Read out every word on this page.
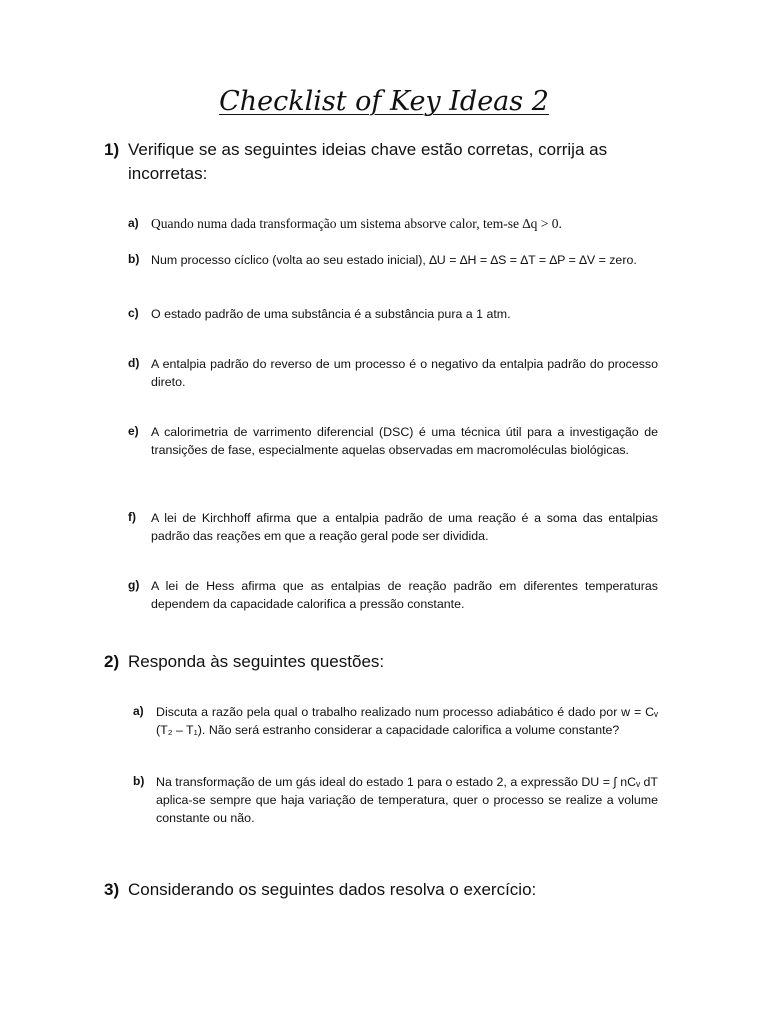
Checklist of Key Ideas 2
1) Verifique se as seguintes ideias chave estão corretas, corrija as incorretas:
a) Quando numa dada transformação um sistema absorve calor, tem-se ∆q > 0.
b) Num processo cíclico (volta ao seu estado inicial), ∆U = ∆H = ∆S = ∆T = ∆P = ∆V = zero.
c) O estado padrão de uma substância é a substância pura a 1 atm.
d) A entalpia padrão do reverso de um processo é o negativo da entalpia padrão do processo direto.
e) A calorimetria de varrimento diferencial (DSC) é uma técnica útil para a investigação de transições de fase, especialmente aquelas observadas em macromoléculas biológicas.
f) A lei de Kirchhoff afirma que a entalpia padrão de uma reação é a soma das entalpias padrão das reações em que a reação geral pode ser dividida.
g) A lei de Hess afirma que as entalpias de reação padrão em diferentes temperaturas dependem da capacidade calorifica a pressão constante.
2) Responda às seguintes questões:
a) Discuta a razão pela qual o trabalho realizado num processo adiabático é dado por w = Cᵥ (T₂ – T₁). Não será estranho considerar a capacidade calorifica a volume constante?
b) Na transformação de um gás ideal do estado 1 para o estado 2, a expressão DU = ∫ nCᵥ dT aplica-se sempre que haja variação de temperatura, quer o processo se realize a volume constante ou não.
3) Considerando os seguintes dados resolva o exercício:
